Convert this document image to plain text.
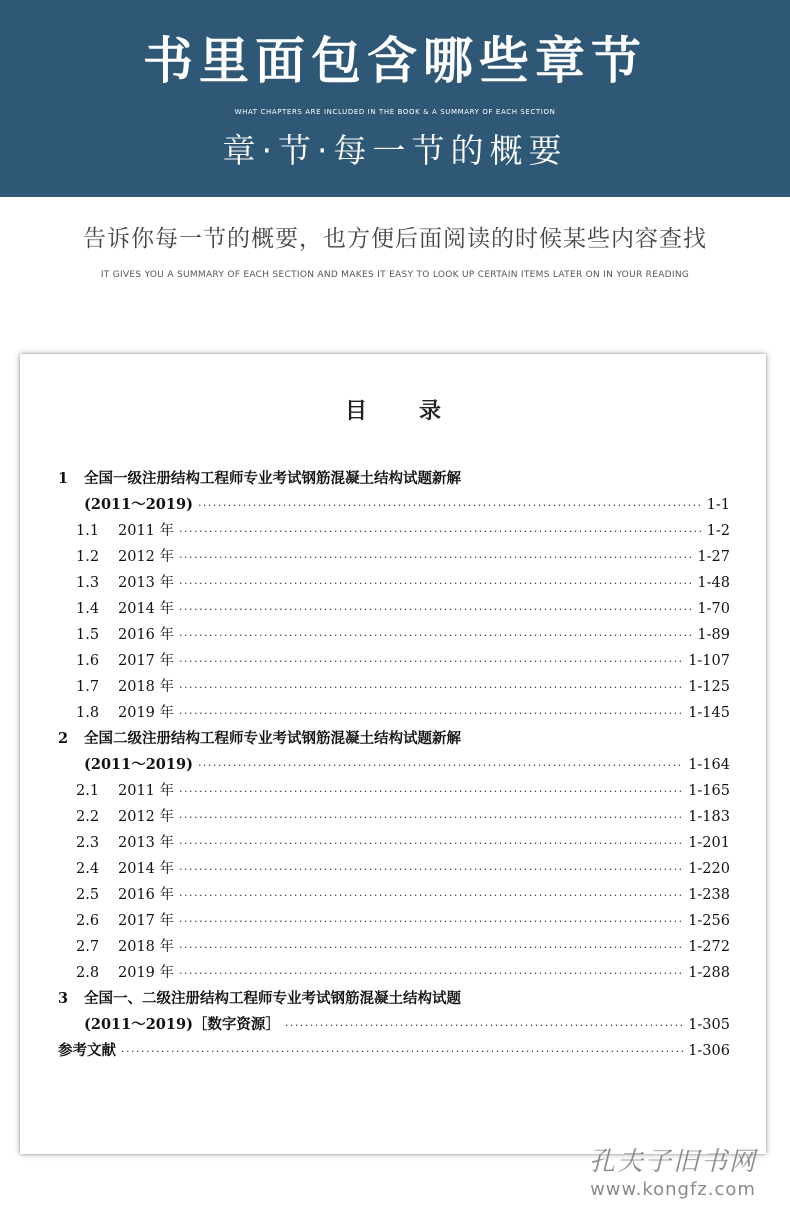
书里面包含哪些章节
WHAT CHAPTERS ARE INCLUDED IN THE BOOK & A SUMMARY OF EACH SECTION
章·节·每一节的概要
告诉你每一节的概要，也方便后面阅读的时候某些内容查找
IT GIVES YOU A SUMMARY OF EACH SECTION AND MAKES IT EASY TO LOOK UP CERTAIN ITEMS LATER ON IN YOUR READING
目 录
1	全国一级注册结构工程师专业考试钢筋混凝土结构试题新解
(2011～2019) ·····	1-1
1.1	2011 年 ·····	1-2
1.2	2012 年 ·····	1-27
1.3	2013 年 ·····	1-48
1.4	2014 年 ·····	1-70
1.5	2016 年 ·····	1-89
1.6	2017 年 ·····	1-107
1.7	2018 年 ·····	1-125
1.8	2019 年 ·····	1-145
2	全国二级注册结构工程师专业考试钢筋混凝土结构试题新解
(2011～2019) ·····	1-164
2.1	2011 年 ·····	1-165
2.2	2012 年 ·····	1-183
2.3	2013 年 ·····	1-201
2.4	2014 年 ·····	1-220
2.5	2016 年 ·····	1-238
2.6	2017 年 ·····	1-256
2.7	2018 年 ·····	1-272
2.8	2019 年 ·····	1-288
3	全国一、二级注册结构工程师专业考试钢筋混凝土结构试题
(2011～2019)［数字资源］ ·····	1-305
参考文献 ·····	1-306
孔夫子旧书网
www.kongfz.com
